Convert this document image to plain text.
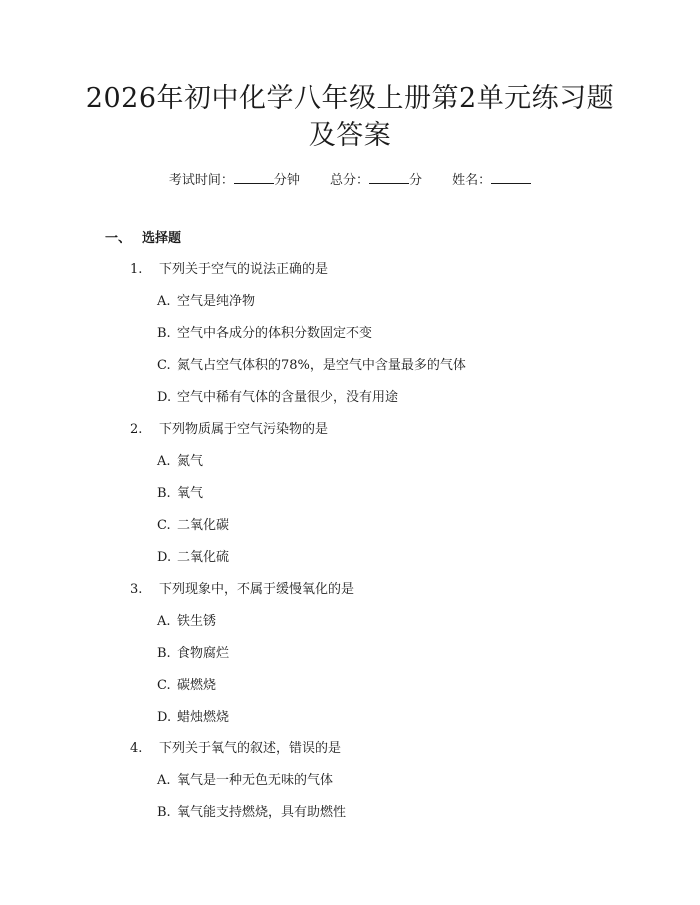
2026年初中化学八年级上册第2单元练习题
及答案
考试时间：	分钟 总分：	分 姓名：
一、 选择题
1. 下列关于空气的说法正确的是
A. 空气是纯净物
B. 空气中各成分的体积分数固定不变
C. 氮气占空气体积的78%，是空气中含量最多的气体
D. 空气中稀有气体的含量很少，没有用途
2. 下列物质属于空气污染物的是
A. 氮气
B. 氧气
C. 二氧化碳
D. 二氧化硫
3. 下列现象中，不属于缓慢氧化的是
A. 铁生锈
B. 食物腐烂
C. 碳燃烧
D. 蜡烛燃烧
4. 下列关于氧气的叙述，错误的是
A. 氧气是一种无色无味的气体
B. 氧气能支持燃烧，具有助燃性
